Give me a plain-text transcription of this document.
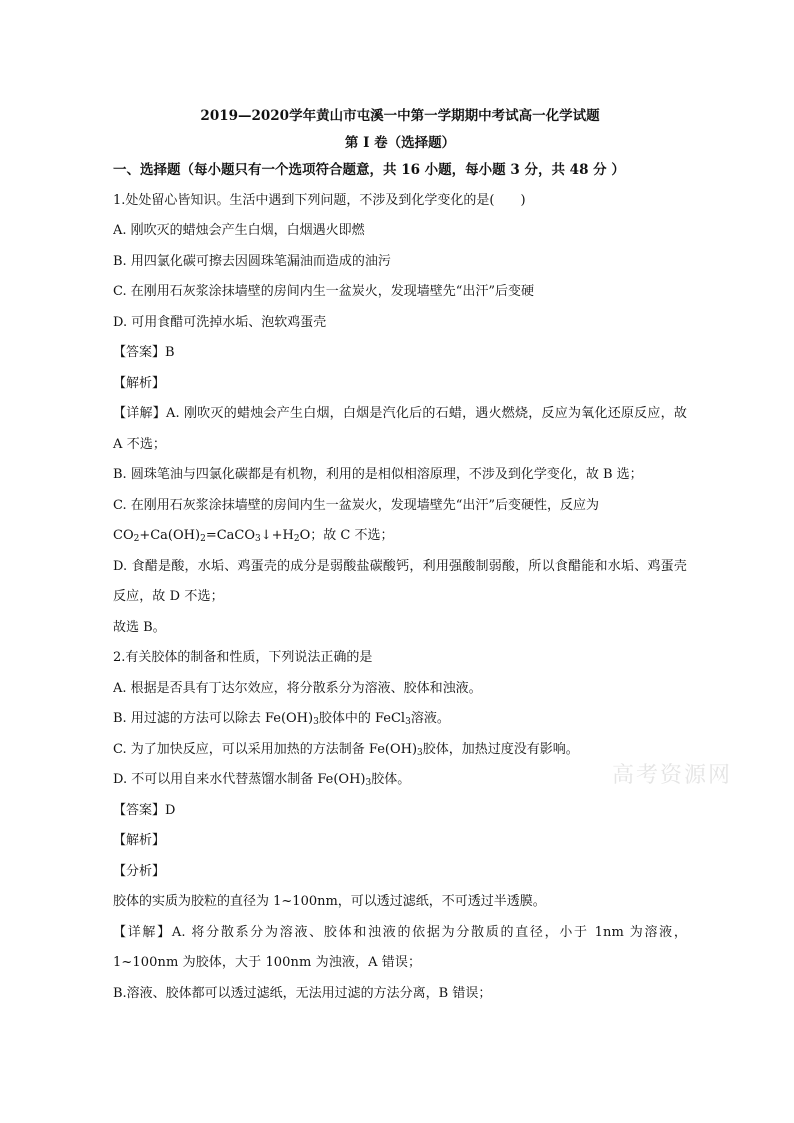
高考资源网
2019—2020学年黄山市屯溪一中第一学期期中考试高一化学试题
第 I 卷（选择题）
一、选择题（每小题只有一个选项符合题意，共 16 小题，每小题 3 分，共 48 分 ）
1.处处留心皆知识。生活中遇到下列问题，不涉及到化学变化的是(　　)
A. 刚吹灭的蜡烛会产生白烟，白烟遇火即燃
B. 用四氯化碳可擦去因圆珠笔漏油而造成的油污
C. 在刚用石灰浆涂抹墙壁的房间内生一盆炭火，发现墙壁先“出汗”后变硬
D. 可用食醋可洗掉水垢、泡软鸡蛋壳
【答案】B
【解析】
【详解】A. 刚吹灭的蜡烛会产生白烟，白烟是汽化后的石蜡，遇火燃烧，反应为氧化还原反应，故 A 不选；
B. 圆珠笔油与四氯化碳都是有机物，利用的是相似相溶原理，不涉及到化学变化，故 B 选；
C. 在刚用石灰浆涂抹墙壁的房间内生一盆炭火，发现墙壁先“出汗”后变硬性，反应为
$CO_2+Ca(OH)_2=CaCO_3↓+H_2O$；故 C 不选；
D. 食醋是酸，水垢、鸡蛋壳的成分是弱酸盐碳酸钙，利用强酸制弱酸，所以食醋能和水垢、鸡蛋壳反应，故 D 不选；
故选 B。
2.有关胶体的制备和性质，下列说法正确的是
A. 根据是否具有丁达尔效应，将分散系分为溶液、胶体和浊液。
B. 用过滤的方法可以除去 $Fe(OH)_3$胶体中的 FeCl$_3$溶液。
C. 为了加快反应，可以采用加热的方法制备 $Fe(OH)_3$胶体，加热过度没有影响。
D. 不可以用自来水代替蒸馏水制备 $Fe(OH)_3$胶体。
【答案】D
【解析】
【分析】
胶体的实质为胶粒的直径为 1~100nm，可以透过滤纸，不可透过半透膜。
【详解】A. 将分散系分为溶液、胶体和浊液的依据为分散质的直径，小于 1nm 为溶液，1~100nm 为胶体，大于 100nm 为浊液，A 错误；
B.溶液、胶体都可以透过滤纸，无法用过滤的方法分离，B 错误；
